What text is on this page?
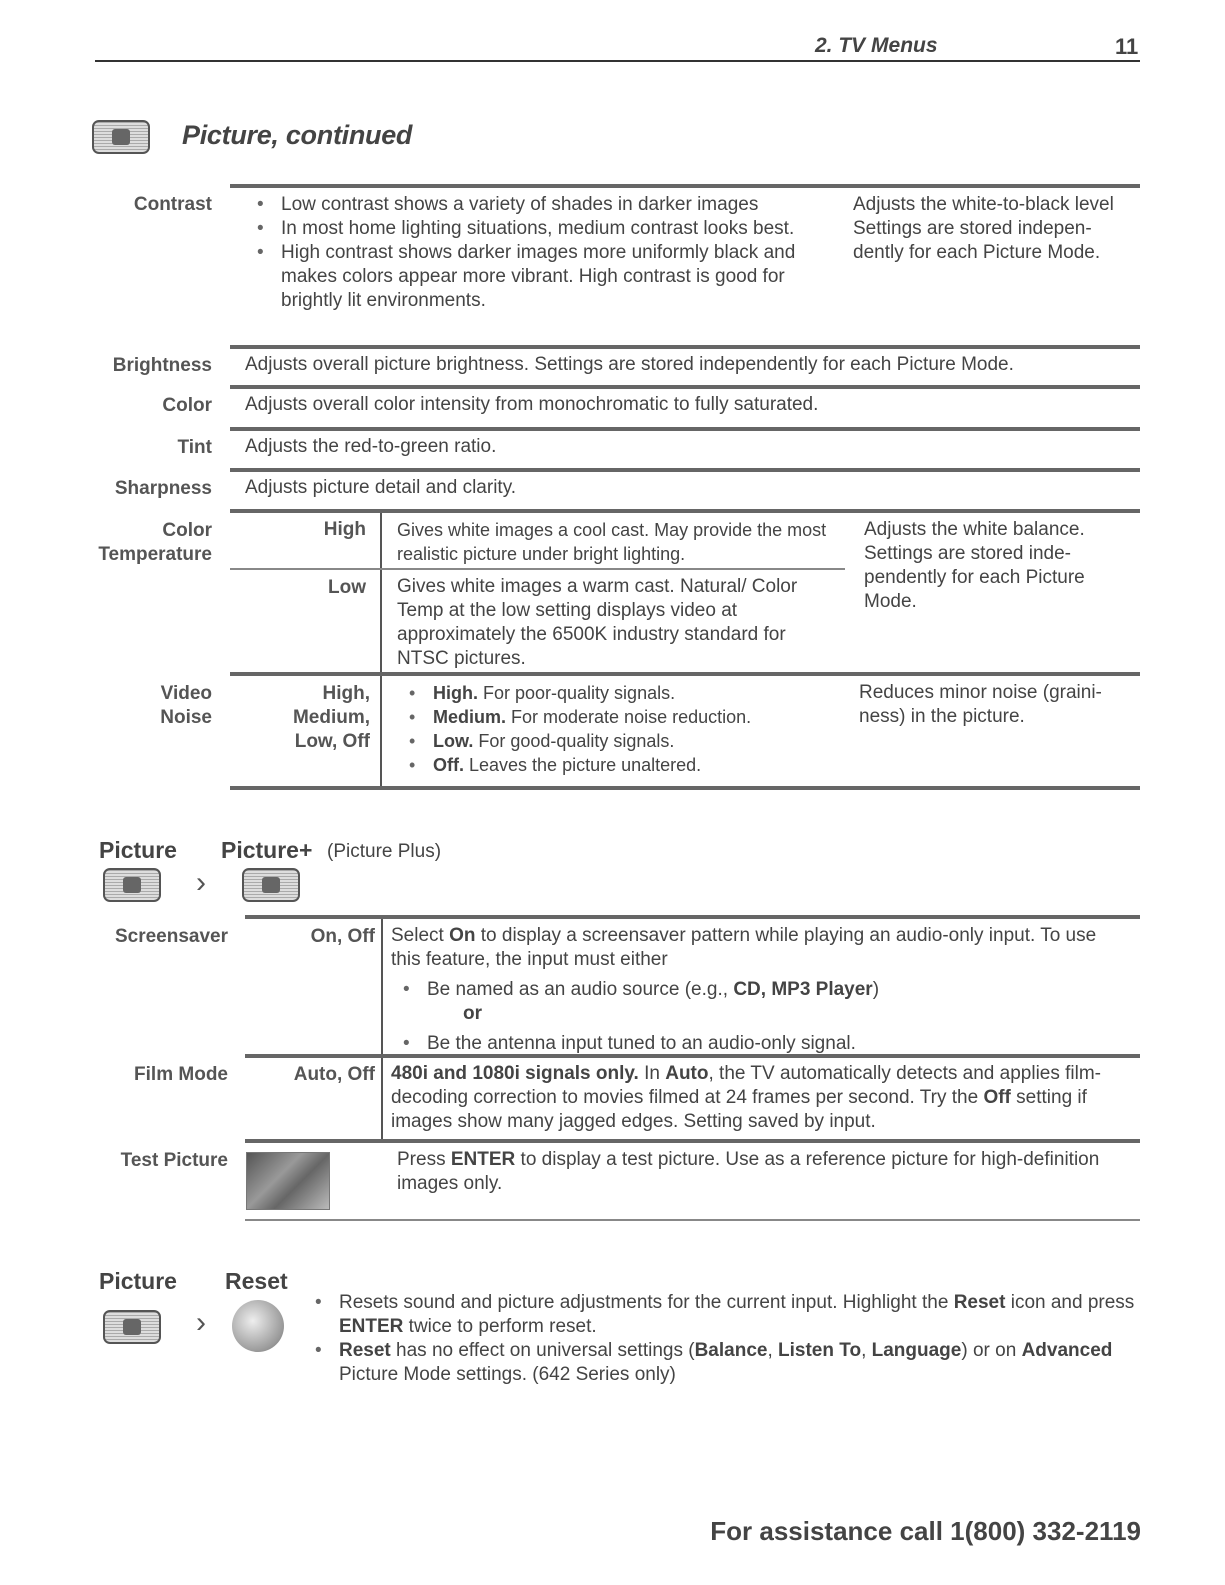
2. TV Menus	11
Picture, continued
Contrast
•	Low contrast shows a variety of shades in darker images
• In most home lighting situations, medium contrast looks best.
• High contrast shows darker images more uniformly black and makes colors appear more vibrant. High contrast is good for brightly lit environments.
Adjusts the white-to-black level
Settings are stored indepen-dently for each Picture Mode.
Brightness Adjusts overall picture brightness. Settings are stored independently for each Picture Mode.
Color Adjusts overall color intensity from monochromatic to fully saturated.
Tint Adjusts the red-to-green ratio.
Sharpness Adjusts picture detail and clarity.
Color
Temperature
High Gives white images a cool cast. May provide the most realistic picture under bright lighting.
Low Gives white images a warm cast. Natural/ Color Temp at the low setting displays video at approximately the 6500K industry standard for NTSC pictures.
Adjusts the white balance. Settings are stored inde-pendently for each Picture Mode.
Video
Noise
High,
Medium,
Low, Off
• High. For poor-quality signals.
• Medium. For moderate noise reduction.
• Low. For good-quality signals.
• Off. Leaves the picture unaltered.
Reduces minor noise (graini-ness) in the picture.
Picture Picture+ (Picture Plus)
›
Screensaver	On, Off Select On to display a screensaver pattern while playing an audio-only input. To use this feature, the input must either
• Be named as an audio source (e.g., CD, MP3 Player)
or
• Be the antenna input tuned to an audio-only signal.
Film Mode	Auto, Off 480i and 1080i signals only. In Auto, the TV automatically detects and applies film-decoding correction to movies filmed at 24 frames per second. Try the Off setting if images show many jagged edges. Setting saved by input.
Test Picture	Press ENTER to display a test picture. Use as a reference picture for high-definition images only.
Picture Reset
›
• Resets sound and picture adjustments for the current input. Highlight the Reset icon and press ENTER twice to perform reset.
• Reset has no effect on universal settings (Balance, Listen To, Language) or on Advanced Picture Mode settings. (642 Series only)
For assistance call 1(800) 332-2119
